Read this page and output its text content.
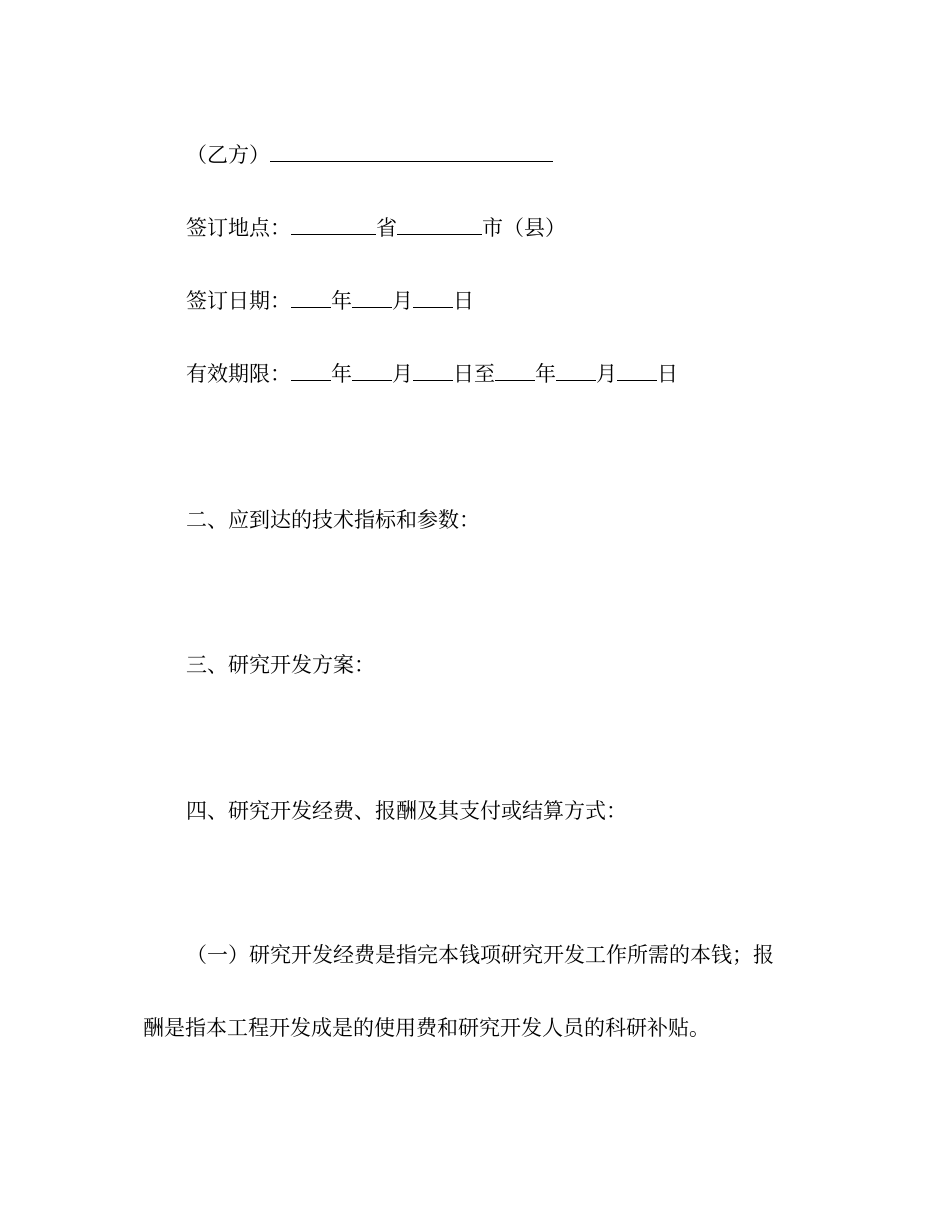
（乙方）
签订地点：	省	市（县）
签订日期： 年 月 日
有效期限： 年 月 日至 年 月 日
二、应到达的技术指标和参数：
三、研究开发方案：
四、研究开发经费、报酬及其支付或结算方式：
（一）研究开发经费是指完本钱项研究开发工作所需的本钱；报
酬是指本工程开发成是的使用费和研究开发人员的科研补贴。
